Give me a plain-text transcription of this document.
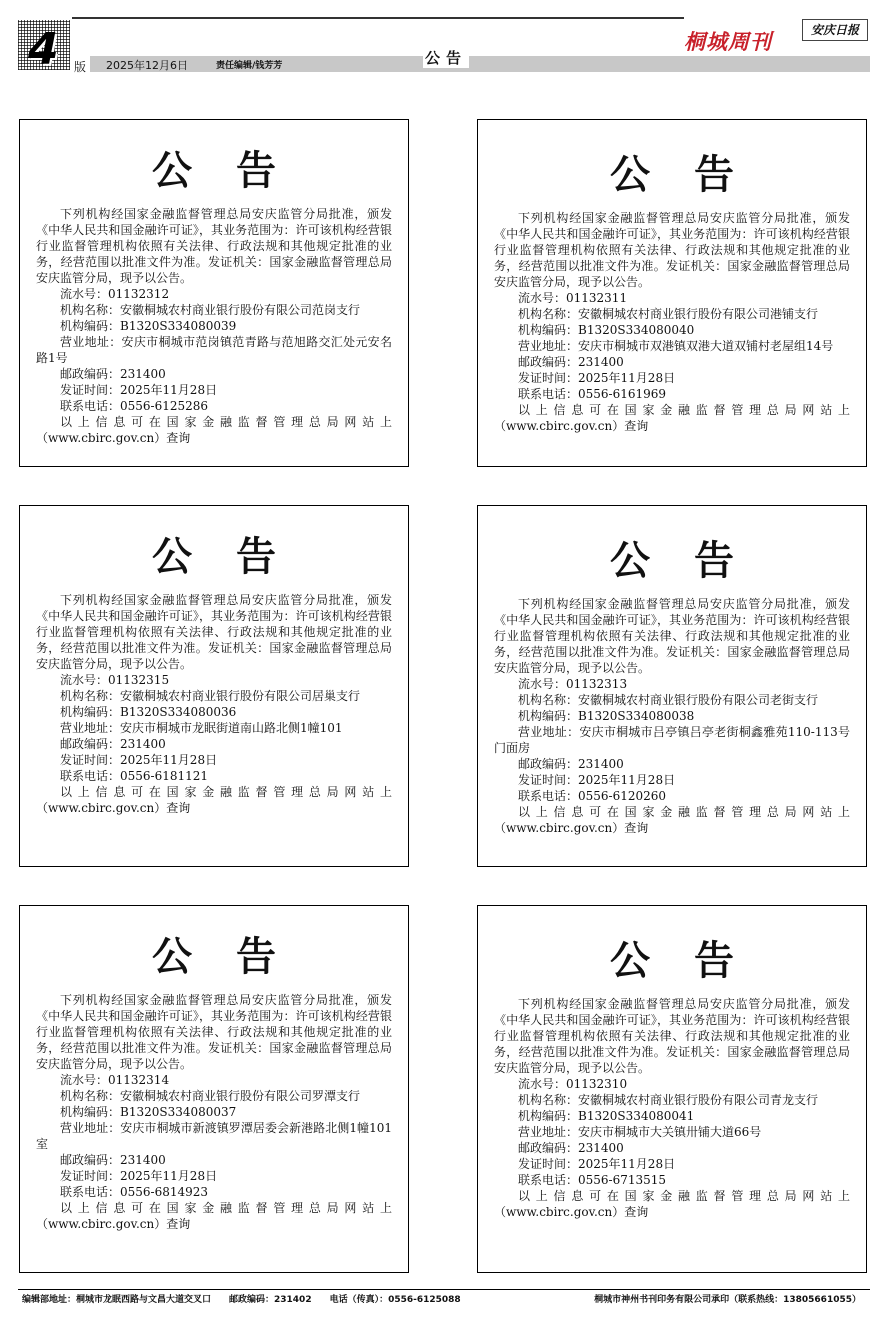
4 版 2025年12月6日	责任编辑/钱芳芳	公告
桐城周刊	安庆日报
公告

下列机构经国家金融监督管理总局安庆监管分局批准，颁发《中华人民共和国金融许可证》，其业务范围为：许可该机构经营银行业监督管理机构依照有关法律、行政法规和其他规定批准的业务，经营范围以批准文件为准。发证机关：国家金融监督管理总局安庆监管分局，现予以公告。

流水号：01132312

机构名称：安徽桐城农村商业银行股份有限公司范岗支行

机构编码：B1320S334080039

营业地址：安庆市桐城市范岗镇范青路与范旭路交汇处元安名路1号

邮政编码：231400

发证时间：2025年11月28日

联系电话：0556-6125286

以上信息可在国家金融监督管理总局网站上（www.cbirc.gov.cn）查询

公告

下列机构经国家金融监督管理总局安庆监管分局批准，颁发《中华人民共和国金融许可证》，其业务范围为：许可该机构经营银行业监督管理机构依照有关法律、行政法规和其他规定批准的业务，经营范围以批准文件为准。发证机关：国家金融监督管理总局安庆监管分局，现予以公告。

流水号：01132311

机构名称：安徽桐城农村商业银行股份有限公司港铺支行

机构编码：B1320S334080040

营业地址：安庆市桐城市双港镇双港大道双铺村老屋组14号

邮政编码：231400

发证时间：2025年11月28日

联系电话：0556-6161969

以上信息可在国家金融监督管理总局网站上（www.cbirc.gov.cn）查询

公告

下列机构经国家金融监督管理总局安庆监管分局批准，颁发《中华人民共和国金融许可证》，其业务范围为：许可该机构经营银行业监督管理机构依照有关法律、行政法规和其他规定批准的业务，经营范围以批准文件为准。发证机关：国家金融监督管理总局安庆监管分局，现予以公告。

流水号：01132315

机构名称：安徽桐城农村商业银行股份有限公司居巢支行

机构编码：B1320S334080036

营业地址：安庆市桐城市龙眠街道南山路北侧1幢101

邮政编码：231400

发证时间：2025年11月28日

联系电话：0556-6181121

以上信息可在国家金融监督管理总局网站上（www.cbirc.gov.cn）查询

公告

下列机构经国家金融监督管理总局安庆监管分局批准，颁发《中华人民共和国金融许可证》，其业务范围为：许可该机构经营银行业监督管理机构依照有关法律、行政法规和其他规定批准的业务，经营范围以批准文件为准。发证机关：国家金融监督管理总局安庆监管分局，现予以公告。

流水号：01132313

机构名称：安徽桐城农村商业银行股份有限公司老街支行

机构编码：B1320S334080038

营业地址：安庆市桐城市吕亭镇吕亭老街桐鑫雅苑110-113号门面房

邮政编码：231400

发证时间：2025年11月28日

联系电话：0556-6120260

以上信息可在国家金融监督管理总局网站上（www.cbirc.gov.cn）查询

公告

下列机构经国家金融监督管理总局安庆监管分局批准，颁发《中华人民共和国金融许可证》，其业务范围为：许可该机构经营银行业监督管理机构依照有关法律、行政法规和其他规定批准的业务，经营范围以批准文件为准。发证机关：国家金融监督管理总局安庆监管分局，现予以公告。

流水号：01132314

机构名称：安徽桐城农村商业银行股份有限公司罗潭支行

机构编码：B1320S334080037

营业地址：安庆市桐城市新渡镇罗潭居委会新港路北侧1幢101室

邮政编码：231400

发证时间：2025年11月28日

联系电话：0556-6814923

以上信息可在国家金融监督管理总局网站上（www.cbirc.gov.cn）查询

公告

下列机构经国家金融监督管理总局安庆监管分局批准，颁发《中华人民共和国金融许可证》，其业务范围为：许可该机构经营银行业监督管理机构依照有关法律、行政法规和其他规定批准的业务，经营范围以批准文件为准。发证机关：国家金融监督管理总局安庆监管分局，现予以公告。

流水号：01132310

机构名称：安徽桐城农村商业银行股份有限公司青龙支行

机构编码：B1320S334080041

营业地址：安庆市桐城市大关镇卅铺大道66号

邮政编码：231400

发证时间：2025年11月28日

联系电话：0556-6713515

以上信息可在国家金融监督管理总局网站上（www.cbirc.gov.cn）查询

编辑部地址：桐城市龙眠西路与文昌大道交叉口　　邮政编码：231402　　电话（传真）：0556-6125088	桐城市神州书刊印务有限公司承印（联系热线：13805661055）
